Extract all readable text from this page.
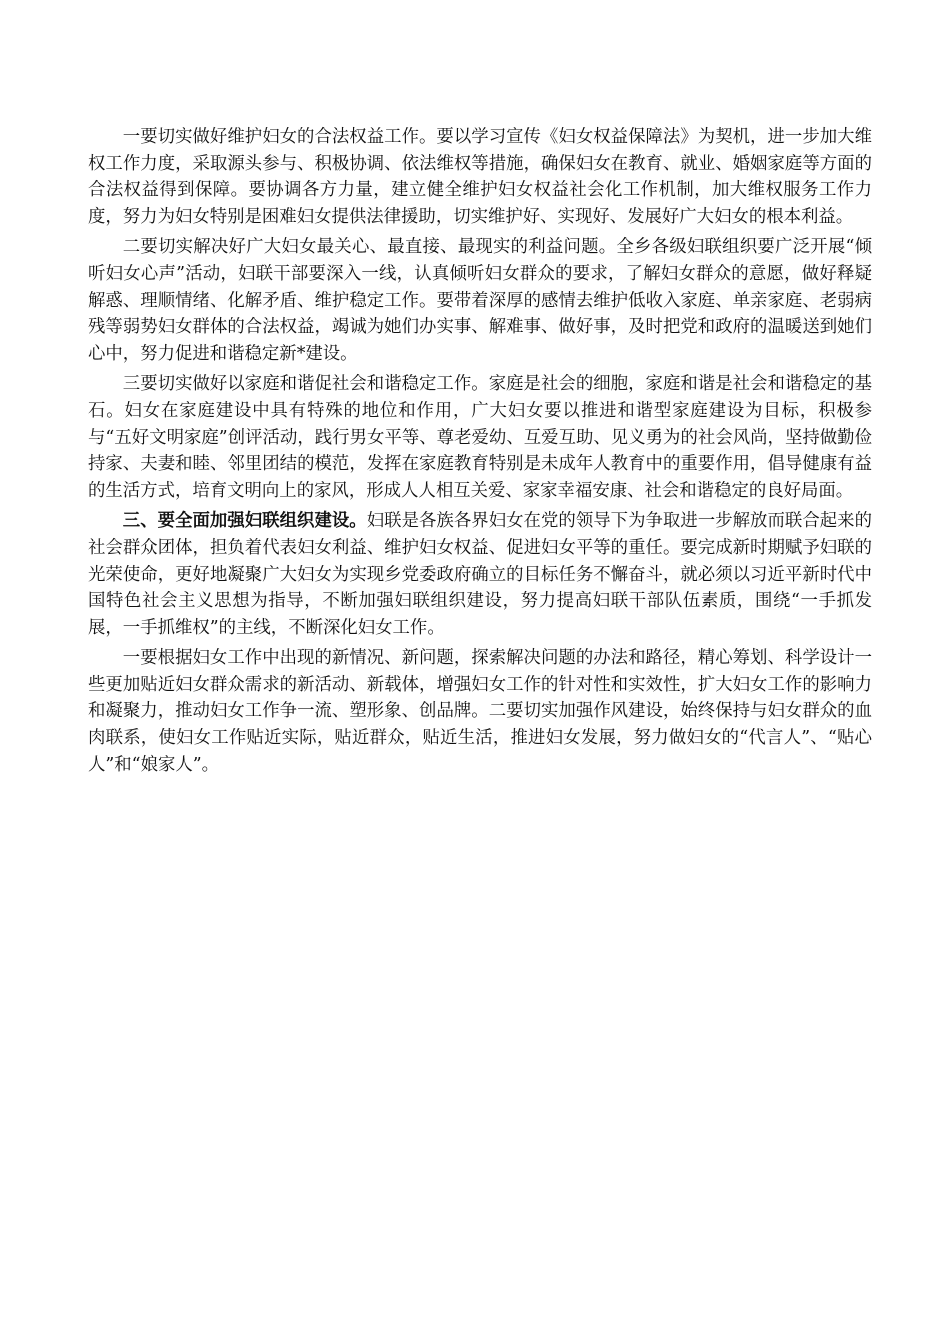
一要切实做好维护妇女的合法权益工作。要以学习宣传《妇女权益保障法》为契机，进一步加大维权工作力度，采取源头参与、积极协调、依法维权等措施，确保妇女在教育、就业、婚姻家庭等方面的合法权益得到保障。要协调各方力量，建立健全维护妇女权益社会化工作机制，加大维权服务工作力度，努力为妇女特别是困难妇女提供法律援助，切实维护好、实现好、发展好广大妇女的根本利益。

二要切实解决好广大妇女最关心、最直接、最现实的利益问题。全乡各级妇联组织要广泛开展“倾听妇女心声”活动，妇联干部要深入一线，认真倾听妇女群众的要求，了解妇女群众的意愿，做好释疑解惑、理顺情绪、化解矛盾、维护稳定工作。要带着深厚的感情去维护低收入家庭、单亲家庭、老弱病残等弱势妇女群体的合法权益，竭诚为她们办实事、解难事、做好事，及时把党和政府的温暖送到她们心中，努力促进和谐稳定新*建设。

三要切实做好以家庭和谐促社会和谐稳定工作。家庭是社会的细胞，家庭和谐是社会和谐稳定的基石。妇女在家庭建设中具有特殊的地位和作用，广大妇女要以推进和谐型家庭建设为目标，积极参与“五好文明家庭”创评活动，践行男女平等、尊老爱幼、互爱互助、见义勇为的社会风尚，坚持做勤俭持家、夫妻和睦、邻里团结的模范，发挥在家庭教育特别是未成年人教育中的重要作用，倡导健康有益的生活方式，培育文明向上的家风，形成人人相互关爱、家家幸福安康、社会和谐稳定的良好局面。

三、要全面加强妇联组织建设。妇联是各族各界妇女在党的领导下为争取进一步解放而联合起来的社会群众团体，担负着代表妇女利益、维护妇女权益、促进妇女平等的重任。要完成新时期赋予妇联的光荣使命，更好地凝聚广大妇女为实现乡党委政府确立的目标任务不懈奋斗，就必须以习近平新时代中国特色社会主义思想为指导，不断加强妇联组织建设，努力提高妇联干部队伍素质，围绕“一手抓发展，一手抓维权”的主线，不断深化妇女工作。

一要根据妇女工作中出现的新情况、新问题，探索解决问题的办法和路径，精心筹划、科学设计一些更加贴近妇女群众需求的新活动、新载体，增强妇女工作的针对性和实效性，扩大妇女工作的影响力和凝聚力，推动妇女工作争一流、塑形象、创品牌。二要切实加强作风建设，始终保持与妇女群众的血肉联系，使妇女工作贴近实际，贴近群众，贴近生活，推进妇女发展，努力做妇女的“代言人”、“贴心人”和“娘家人”。
